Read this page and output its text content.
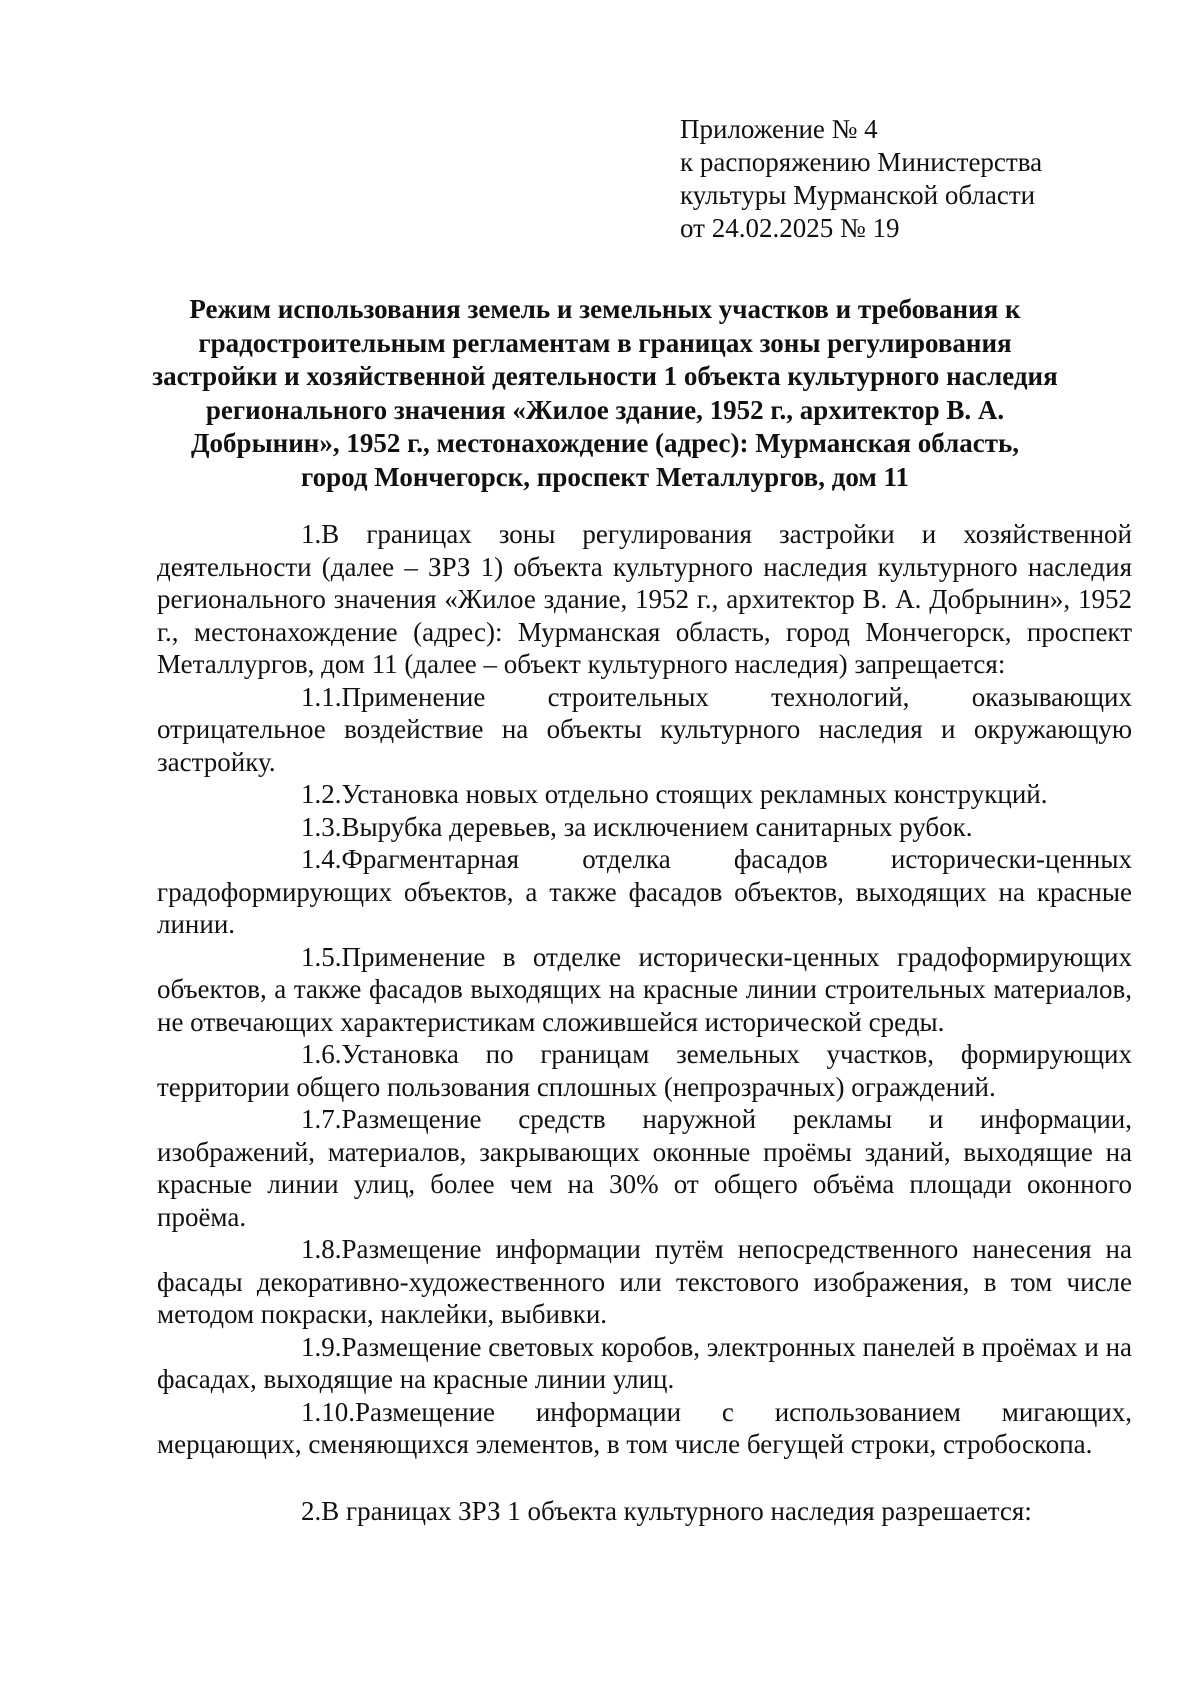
Приложение № 4
к распоряжению Министерства
культуры Мурманской области
от 24.02.2025 № 19
Режим использования земель и земельных участков и требования к
градостроительным регламентам в границах зоны регулирования
застройки и хозяйственной деятельности 1 объекта культурного наследия
регионального значения «Жилое здание, 1952 г., архитектор В. А.
Добрынин», 1952 г., местонахождение (адрес): Мурманская область,
город Мончегорск, проспект Металлургов, дом 11

1.В границах зоны регулирования застройки и хозяйственной деятельности (далее – ЗРЗ 1) объекта культурного наследия культурного наследия регионального значения «Жилое здание, 1952 г., архитектор В. А. Добрынин», 1952 г., местонахождение (адрес): Мурманская область, город Мончегорск, проспект Металлургов, дом 11 (далее – объект культурного наследия) запрещается:

1.1.Применение строительных технологий, оказывающих отрицательное воздействие на объекты культурного наследия и окружающую застройку.

1.2.Установка новых отдельно стоящих рекламных конструкций.

1.3.Вырубка деревьев, за исключением санитарных рубок.

1.4.Фрагментарная отделка фасадов исторически-ценных градоформирующих объектов, а также фасадов объектов, выходящих на красные линии.

1.5.Применение в отделке исторически-ценных градоформирующих объектов, а также фасадов выходящих на красные линии строительных материалов, не отвечающих характеристикам сложившейся исторической среды.

1.6.Установка по границам земельных участков, формирующих территории общего пользования сплошных (непрозрачных) ограждений.

1.7.Размещение средств наружной рекламы и информации, изображений, материалов, закрывающих оконные проёмы зданий, выходящие на красные линии улиц, более чем на 30% от общего объёма площади оконного проёма.

1.8.Размещение информации путём непосредственного нанесения на фасады декоративно-художественного или текстового изображения, в том числе методом покраски, наклейки, выбивки.

1.9.Размещение световых коробов, электронных панелей в проёмах и на фасадах, выходящие на красные линии улиц.

1.10.Размещение информации с использованием мигающих, мерцающих, сменяющихся элементов, в том числе бегущей строки, стробоскопа.

2.В границах ЗРЗ 1 объекта культурного наследия разрешается:
